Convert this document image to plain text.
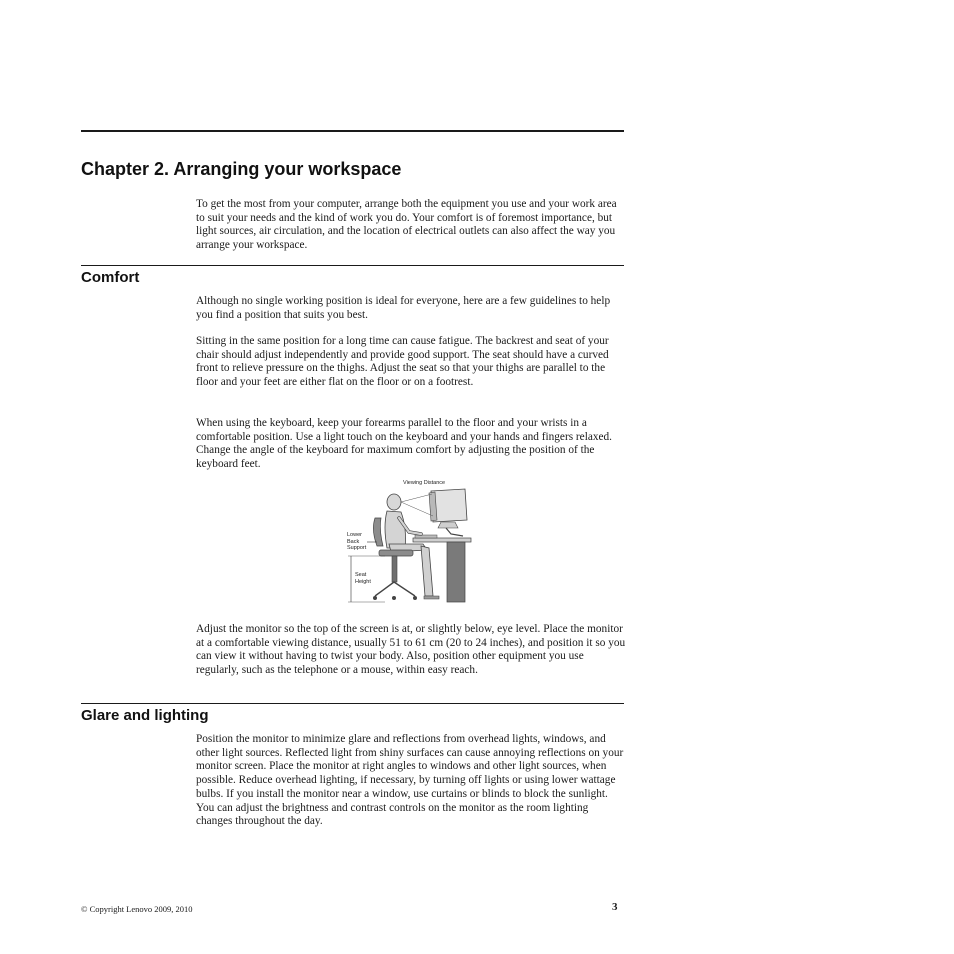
Chapter 2. Arranging your workspace

To get the most from your computer, arrange both the equipment you use and your work area to suit your needs and the kind of work you do. Your comfort is of foremost importance, but light sources, air circulation, and the location of electrical outlets can also affect the way you arrange your workspace.

Comfort

Although no single working position is ideal for everyone, here are a few guidelines to help you find a position that suits you best.

Sitting in the same position for a long time can cause fatigue. The backrest and seat of your chair should adjust independently and provide good support. The seat should have a curved front to relieve pressure on the thighs. Adjust the seat so that your thighs are parallel to the floor and your feet are either flat on the floor or on a footrest.

When using the keyboard, keep your forearms parallel to the floor and your wrists in a comfortable position. Use a light touch on the keyboard and your hands and fingers relaxed. Change the angle of the keyboard for maximum comfort by adjusting the position of the keyboard feet.

Viewing Distance
Lower
Back
Support
Seat
Height

Adjust the monitor so the top of the screen is at, or slightly below, eye level. Place the monitor at a comfortable viewing distance, usually 51 to 61 cm (20 to 24 inches), and position it so you can view it without having to twist your body. Also, position other equipment you use regularly, such as the telephone or a mouse, within easy reach.

Glare and lighting

Position the monitor to minimize glare and reflections from overhead lights, windows, and other light sources. Reflected light from shiny surfaces can cause annoying reflections on your monitor screen. Place the monitor at right angles to windows and other light sources, when possible. Reduce overhead lighting, if necessary, by turning off lights or using lower wattage bulbs. If you install the monitor near a window, use curtains or blinds to block the sunlight. You can adjust the brightness and contrast controls on the monitor as the room lighting changes throughout the day.

© Copyright Lenovo 2009, 2010	3
